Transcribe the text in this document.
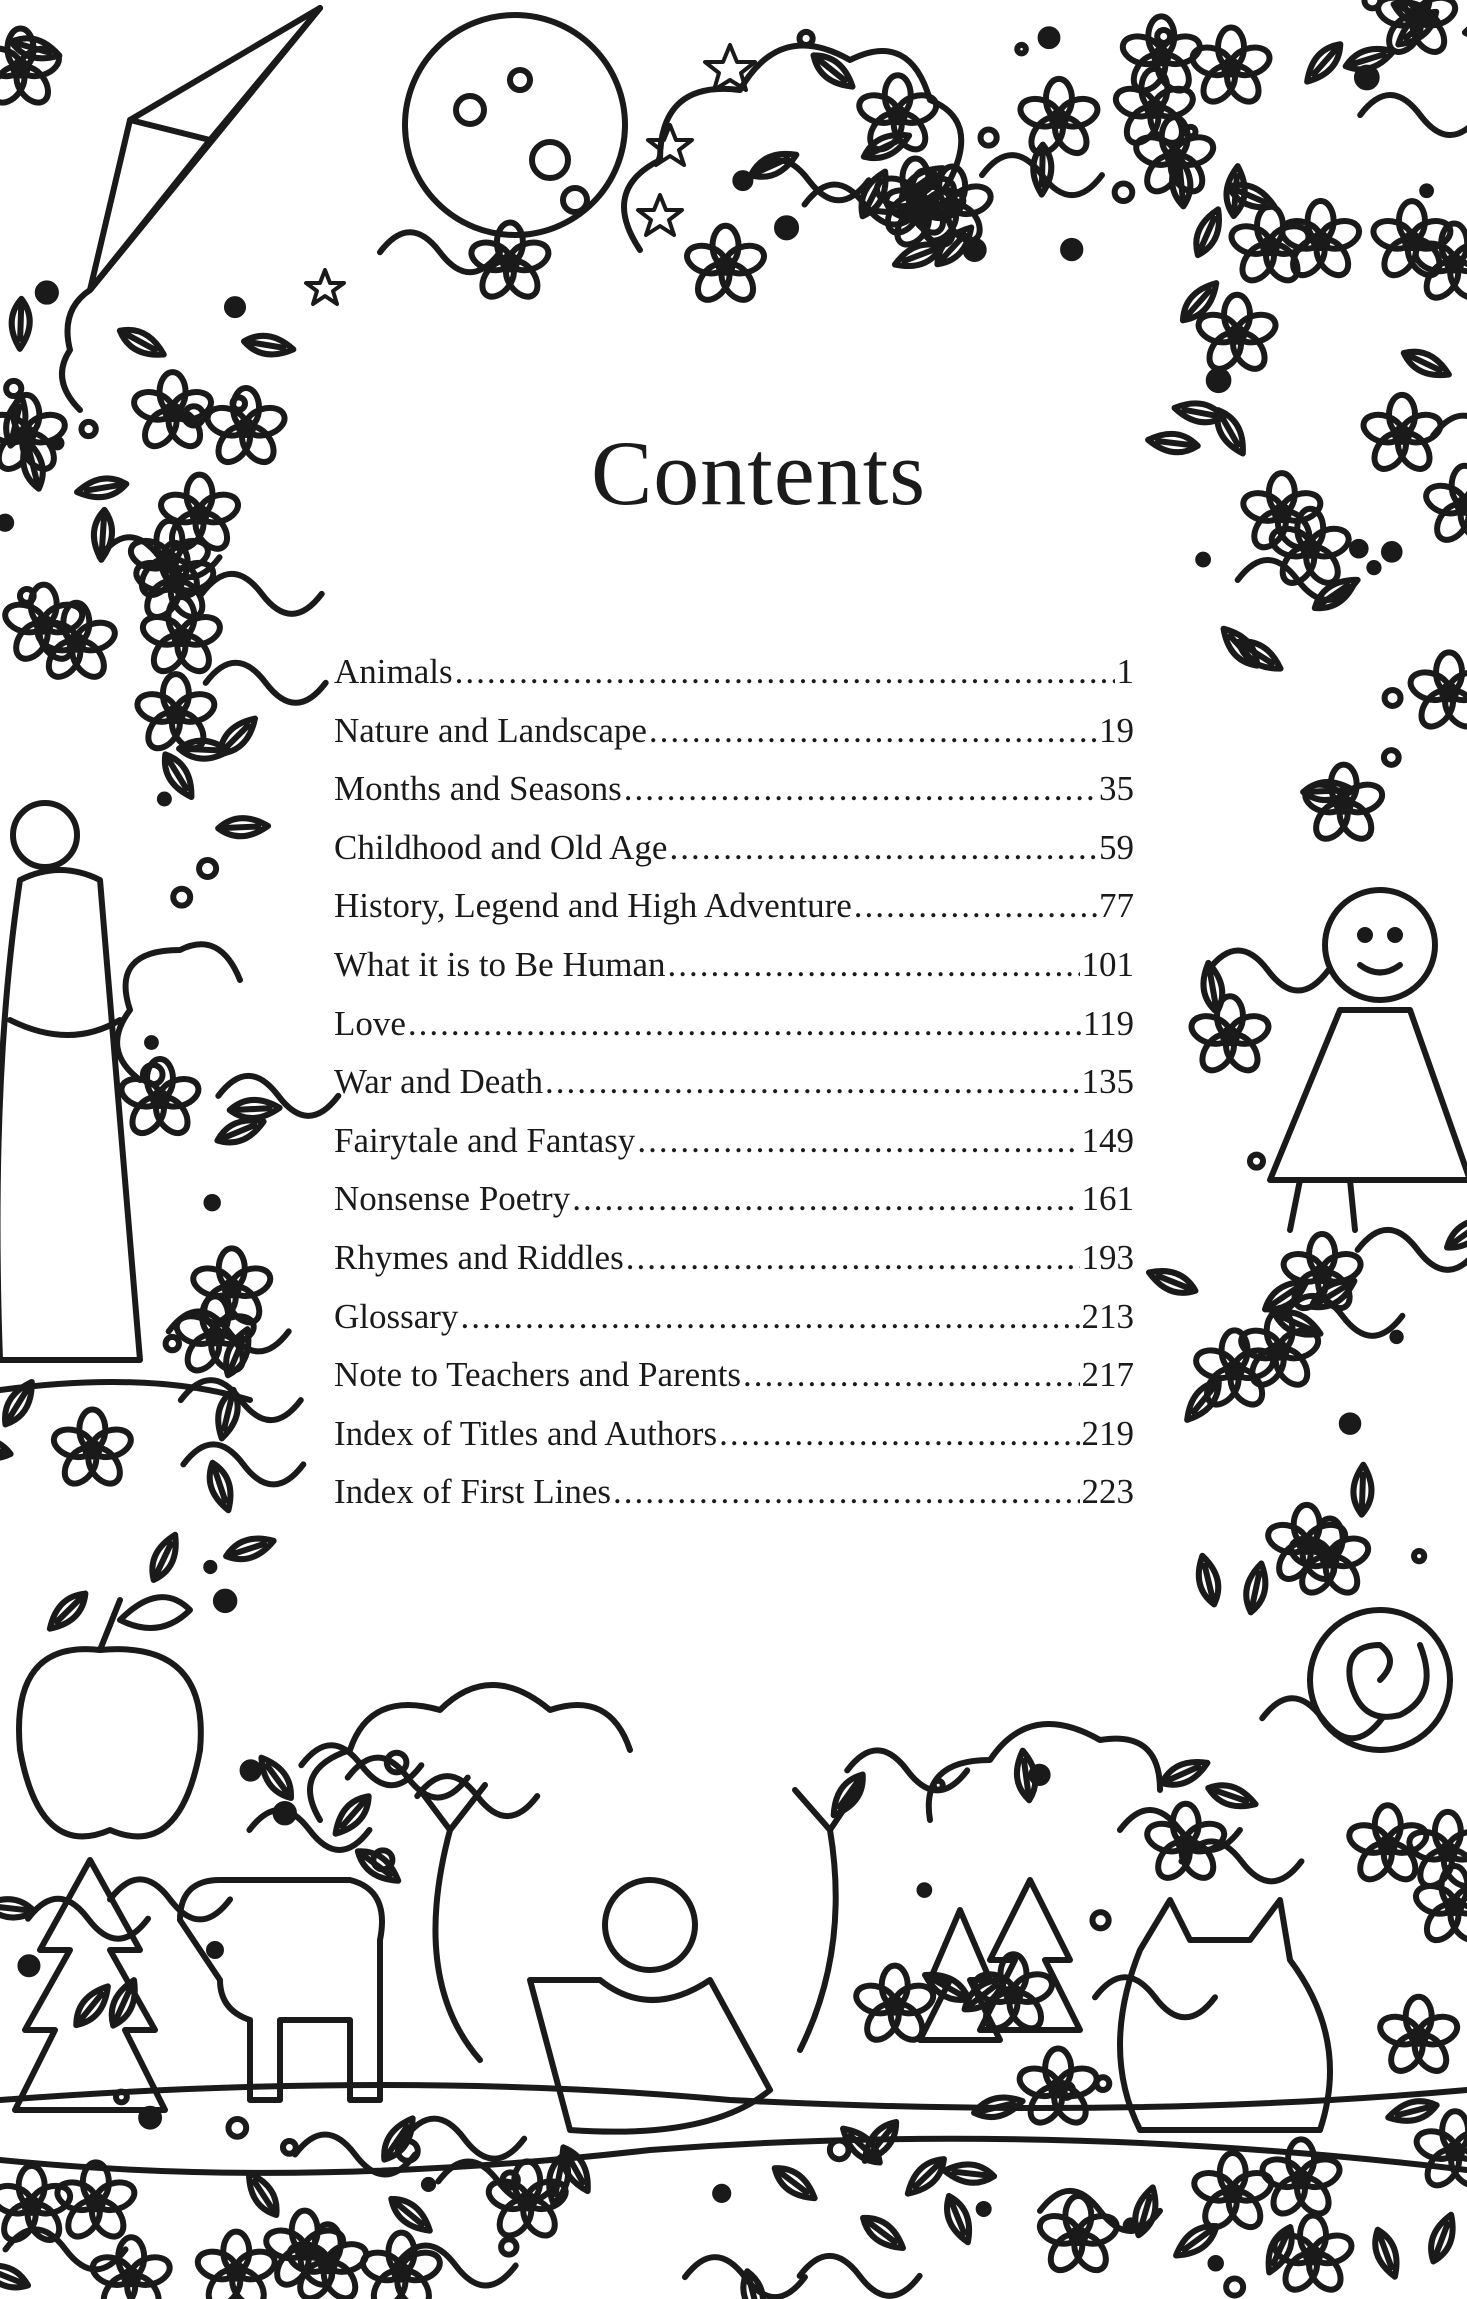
Contents
Animals .....	1
Nature and Landscape .....	19
Months and Seasons .....	35
Childhood and Old Age .....	59
History, Legend and High Adventure .....	77
What it is to Be Human .....	101
Love .....	119
War and Death .....	135
Fairytale and Fantasy .....	149
Nonsense Poetry .....	161
Rhymes and Riddles .....	193
Glossary .....	213
Note to Teachers and Parents .....	217
Index of Titles and Authors .....	219
Index of First Lines .....	223
